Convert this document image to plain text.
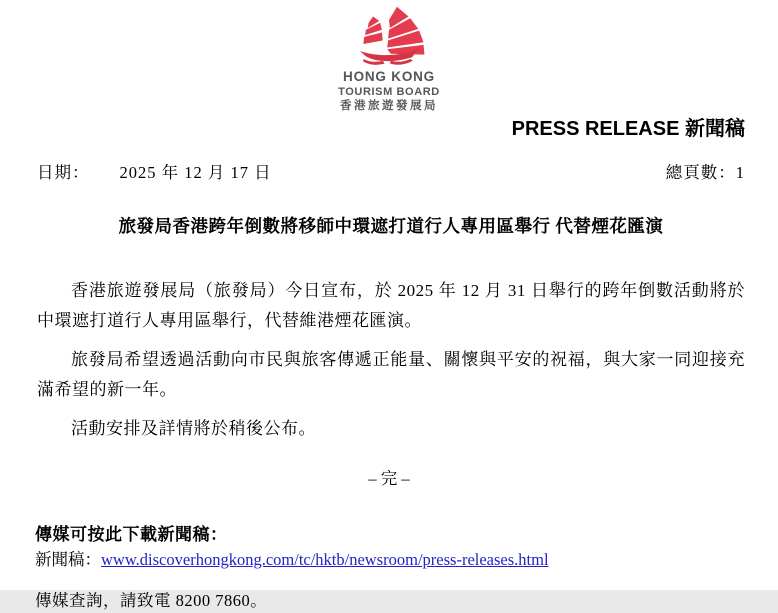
HONG KONG
TOURISM BOARD
香港旅遊發展局
PRESS RELEASE 新聞稿
日期： 2025 年 12 月 17 日	總頁數：1
旅發局香港跨年倒數將移師中環遮打道行人專用區舉行 代替煙花匯演

香港旅遊發展局（旅發局）今日宣布，於 2025 年 12 月 31 日舉行的跨年倒數活動將於中環遮打道行人專用區舉行，代替維港煙花匯演。

旅發局希望透過活動向市民與旅客傳遞正能量、關懷與平安的祝福，與大家一同迎接充滿希望的新一年。

活動安排及詳情將於稍後公布。

– 完 –
傳媒可按此下載新聞稿：
新聞稿：www.discoverhongkong.com/tc/hktb/newsroom/press-releases.html
傳媒查詢，請致電 8200 7860。
